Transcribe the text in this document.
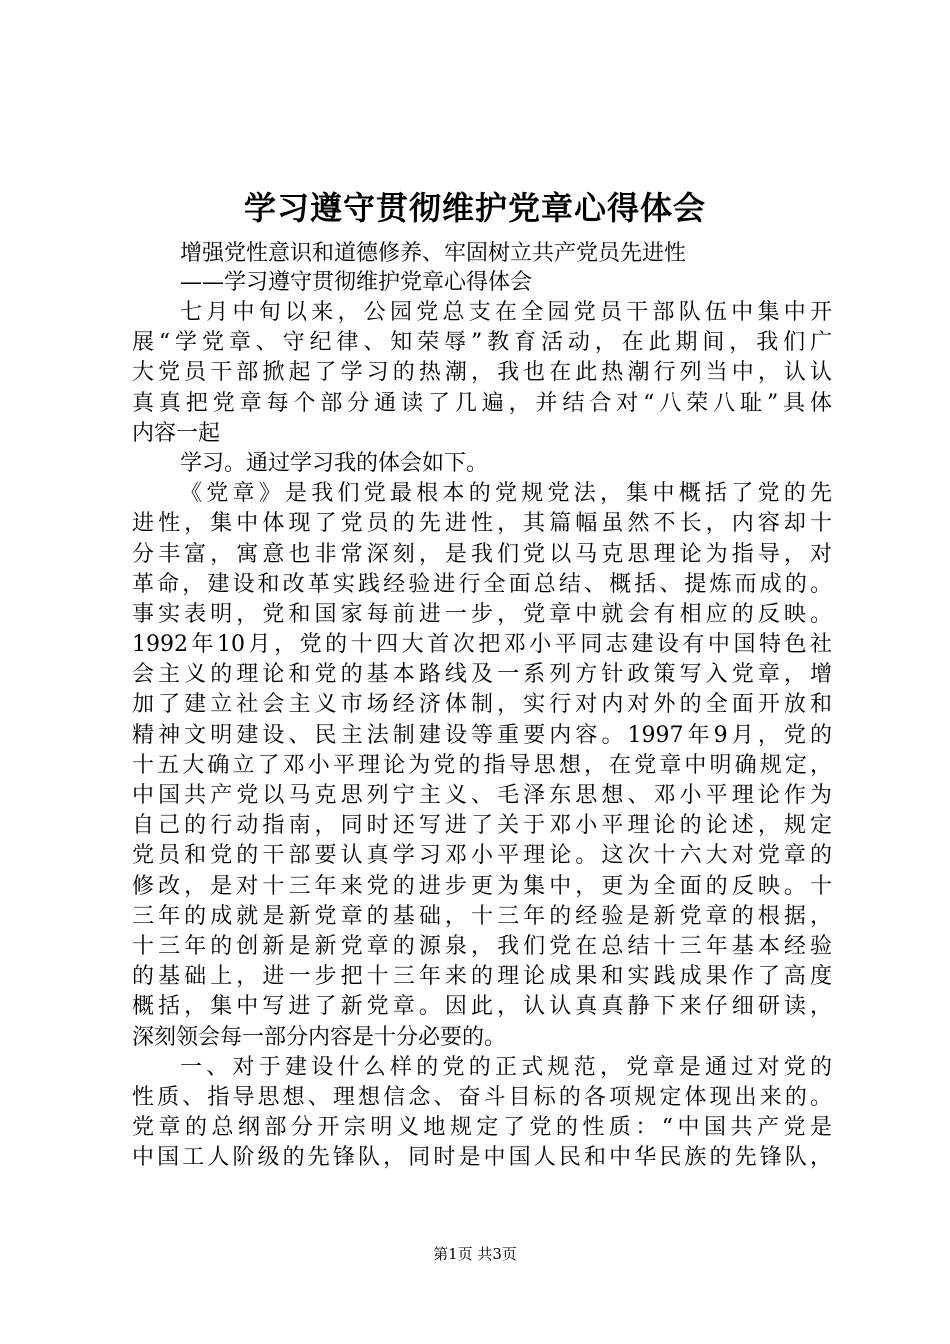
学习遵守贯彻维护党章心得体会
增强党性意识和道德修养、牢固树立共产党员先进性
——学习遵守贯彻维护党章心得体会
七月中旬以来，公园党总支在全园党员干部队伍中集中开
展“学党章、守纪律、知荣辱”教育活动，在此期间，我们广
大党员干部掀起了学习的热潮，我也在此热潮行列当中，认认
真真把党章每个部分通读了几遍，并结合对“八荣八耻”具体
内容一起
学习。通过学习我的体会如下。
《党章》是我们党最根本的党规党法，集中概括了党的先
进性，集中体现了党员的先进性，其篇幅虽然不长，内容却十
分丰富，寓意也非常深刻，是我们党以马克思理论为指导，对
革命，建设和改革实践经验进行全面总结、概括、提炼而成的。
事实表明，党和国家每前进一步，党章中就会有相应的反映。
1992年10月，党的十四大首次把邓小平同志建设有中国特色社
会主义的理论和党的基本路线及一系列方针政策写入党章，增
加了建立社会主义市场经济体制，实行对内对外的全面开放和
精神文明建设、民主法制建设等重要内容。1997年9月，党的
十五大确立了邓小平理论为党的指导思想，在党章中明确规定，
中国共产党以马克思列宁主义、毛泽东思想、邓小平理论作为
自己的行动指南，同时还写进了关于邓小平理论的论述，规定
党员和党的干部要认真学习邓小平理论。这次十六大对党章的
修改，是对十三年来党的进步更为集中，更为全面的反映。十
三年的成就是新党章的基础，十三年的经验是新党章的根据，
十三年的创新是新党章的源泉，我们党在总结十三年基本经验
的基础上，进一步把十三年来的理论成果和实践成果作了高度
概括，集中写进了新党章。因此，认认真真静下来仔细研读，
深刻领会每一部分内容是十分必要的。
一、对于建设什么样的党的正式规范，党章是通过对党的
性质、指导思想、理想信念、奋斗目标的各项规定体现出来的。
党章的总纲部分开宗明义地规定了党的性质：“中国共产党是
中国工人阶级的先锋队，同时是中国人民和中华民族的先锋队，
第1页 共3页
